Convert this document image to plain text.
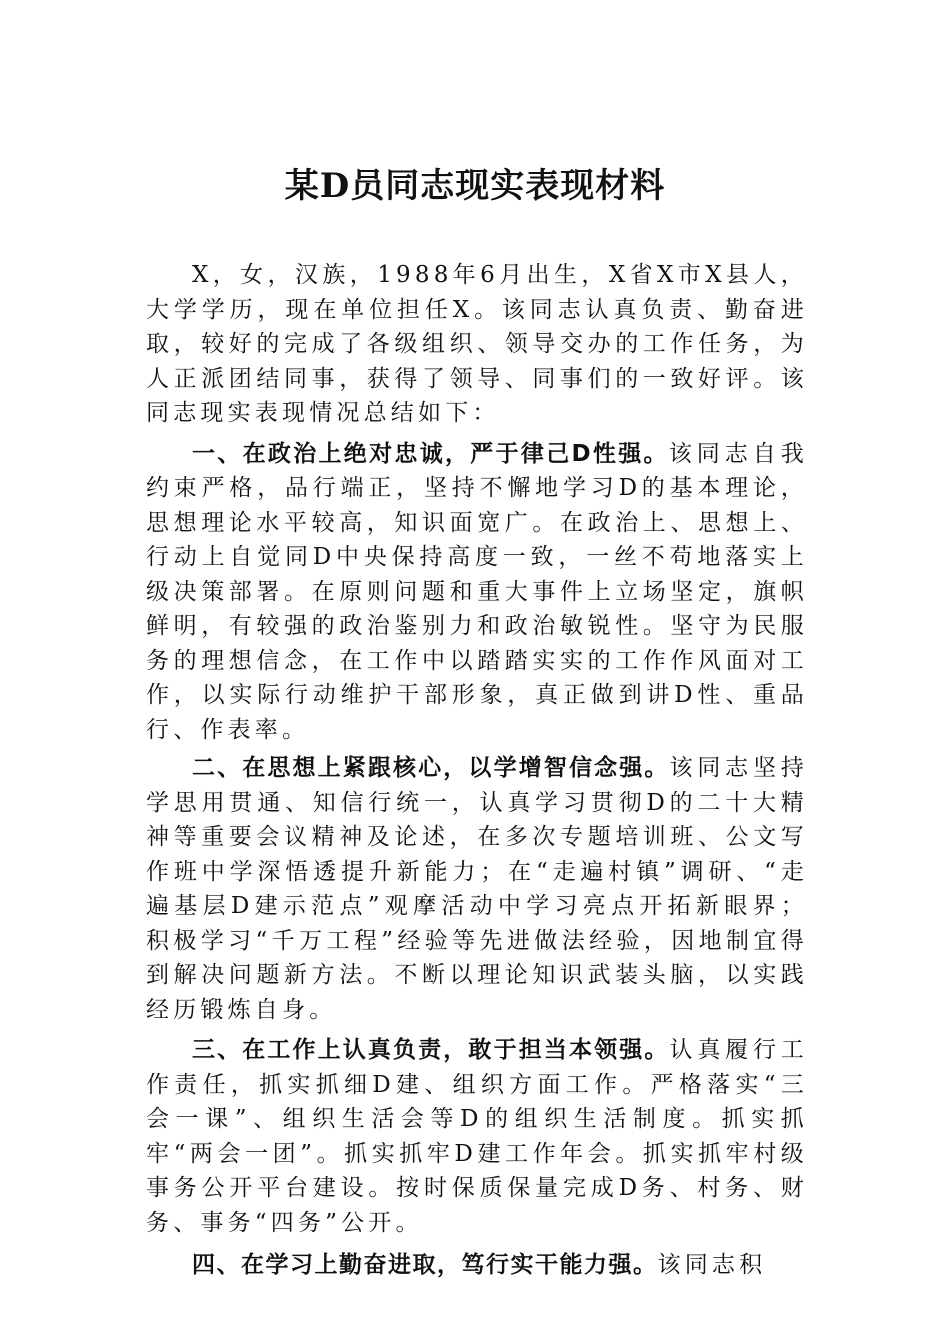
某D员同志现实表现材料

X，女，汉族，1988年6月出生，X省X市X县人，大学学历，现在单位担任X。该同志认真负责、勤奋进取，较好的完成了各级组织、领导交办的工作任务，为人正派团结同事，获得了领导、同事们的一致好评。该同志现实表现情况总结如下：

一、在政治上绝对忠诚，严于律己D性强。该同志自我约束严格，品行端正，坚持不懈地学习D的基本理论，思想理论水平较高，知识面宽广。在政治上、思想上、行动上自觉同D中央保持高度一致，一丝不苟地落实上级决策部署。在原则问题和重大事件上立场坚定，旗帜鲜明，有较强的政治鉴别力和政治敏锐性。坚守为民服务的理想信念，在工作中以踏踏实实的工作作风面对工作，以实际行动维护干部形象，真正做到讲D性、重品行、作表率。

二、在思想上紧跟核心，以学增智信念强。该同志坚持学思用贯通、知信行统一，认真学习贯彻D的二十大精神等重要会议精神及论述，在多次专题培训班、公文写作班中学深悟透提升新能力；在“走遍村镇”调研、“走遍基层D建示范点”观摩活动中学习亮点开拓新眼界；积极学习“千万工程”经验等先进做法经验，因地制宜得到解决问题新方法。不断以理论知识武装头脑，以实践经历锻炼自身。

三、在工作上认真负责，敢于担当本领强。认真履行工作责任，抓实抓细D建、组织方面工作。严格落实“三会一课”、组织生活会等D的组织生活制度。抓实抓牢“两会一团”。抓实抓牢D建工作年会。抓实抓牢村级事务公开平台建设。按时保质保量完成D务、村务、财务、事务“四务”公开。

四、在学习上勤奋进取，笃行实干能力强。该同志积
